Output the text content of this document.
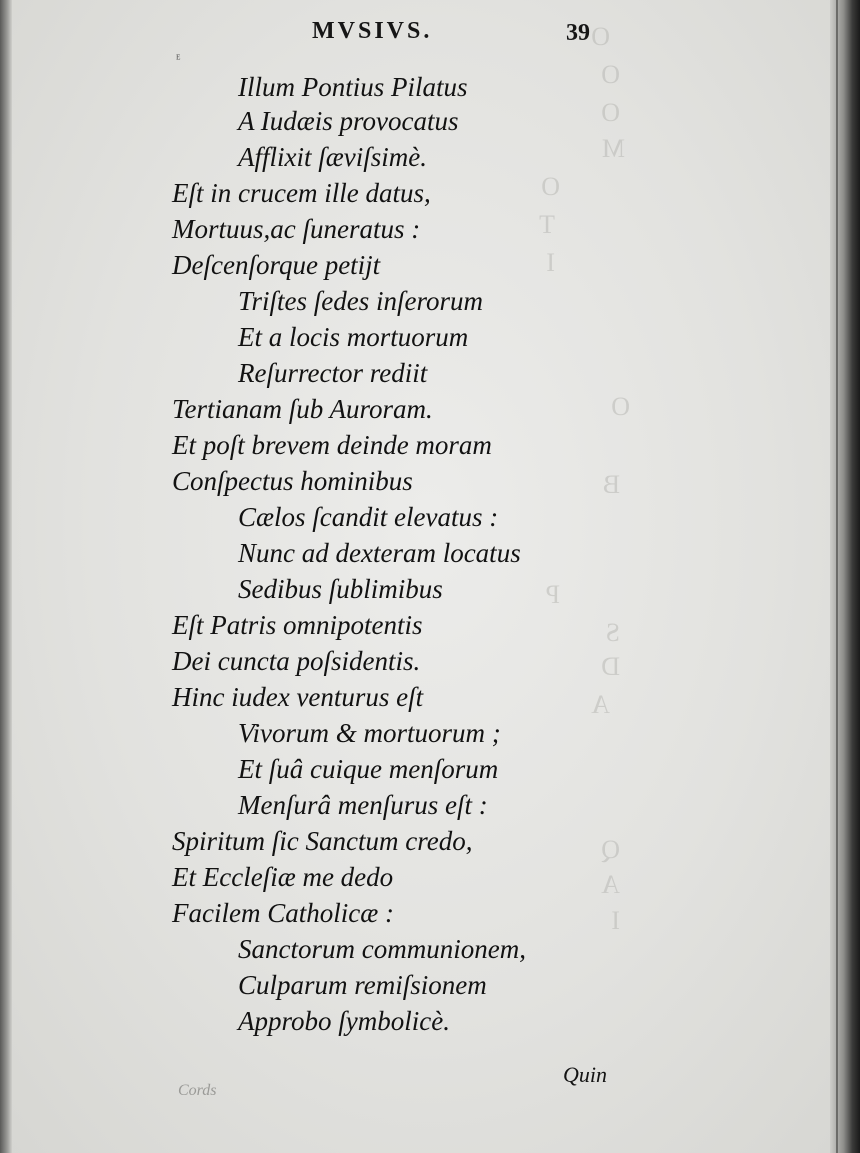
O
O
O
M
O
T
I
O
B
P
S
D
A
Q
A
I
MVSIVS.	39
ᴱ
Illum Pontius Pilatus
A Iudæis provocatus
Afflixit ſæviſsimè.
Eſt in crucem ille datus,
Mortuus,ac ſuneratus :
Deſcenſorque petijt
Triſtes ſedes inſerorum
Et a locis mortuorum
Reſurrector rediit
Tertianam ſub Auroram.
Et poſt brevem deinde moram
Conſpectus hominibus
Cælos ſcandit elevatus :
Nunc ad dexteram locatus
Sedibus ſublimibus
Eſt Patris omnipotentis
Dei cuncta poſsidentis.
Hinc iudex venturus eſt
Vivorum & mortuorum ;
Et ſuâ cuique menſorum
Menſurâ menſurus eſt :
Spiritum ſic Sanctum credo,
Et Eccleſiæ me dedo
Facilem Catholicæ :
Sanctorum communionem,
Culparum remiſsionem
Approbo ſymbolicè.
Quin
Cords
